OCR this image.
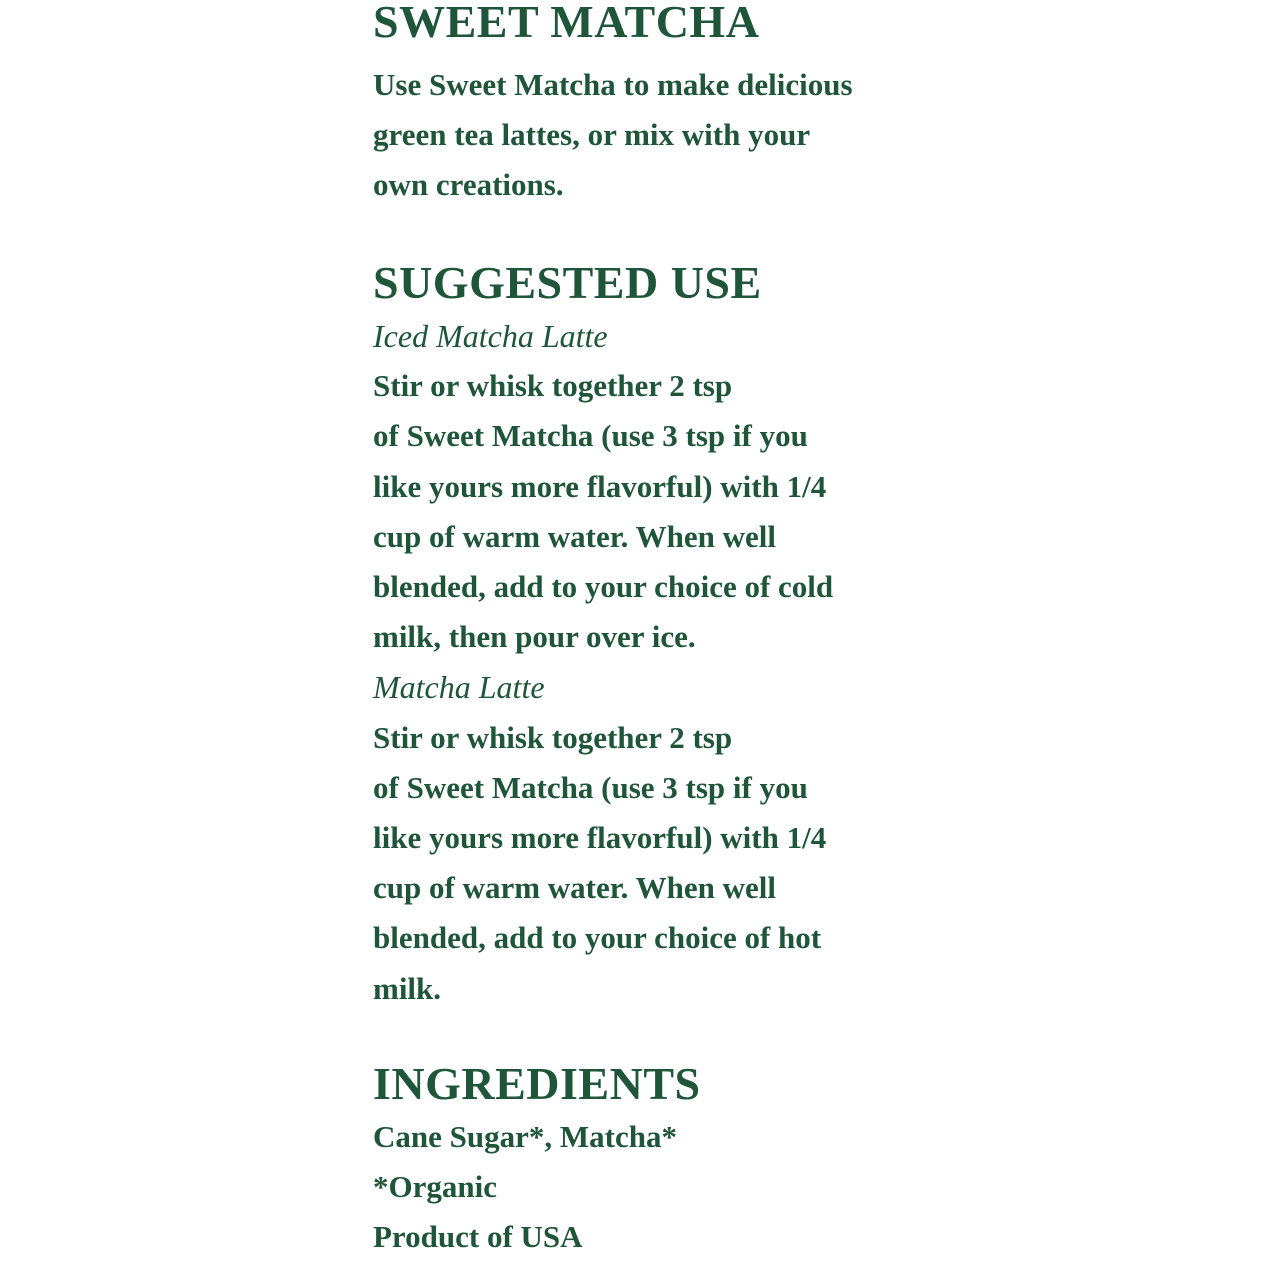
SWEET MATCHA
Use Sweet Matcha to make delicious
green tea lattes, or mix with your
own creations.
SUGGESTED USE
Iced Matcha Latte
Stir or whisk together 2 tsp
of Sweet Matcha (use 3 tsp if you
like yours more flavorful) with 1/4
cup of warm water. When well
blended, add to your choice of cold
milk, then pour over ice.
Matcha Latte
Stir or whisk together 2 tsp
of Sweet Matcha (use 3 tsp if you
like yours more flavorful) with 1/4
cup of warm water. When well
blended, add to your choice of hot
milk.
INGREDIENTS
Cane Sugar*, Matcha*
*Organic
Product of USA
